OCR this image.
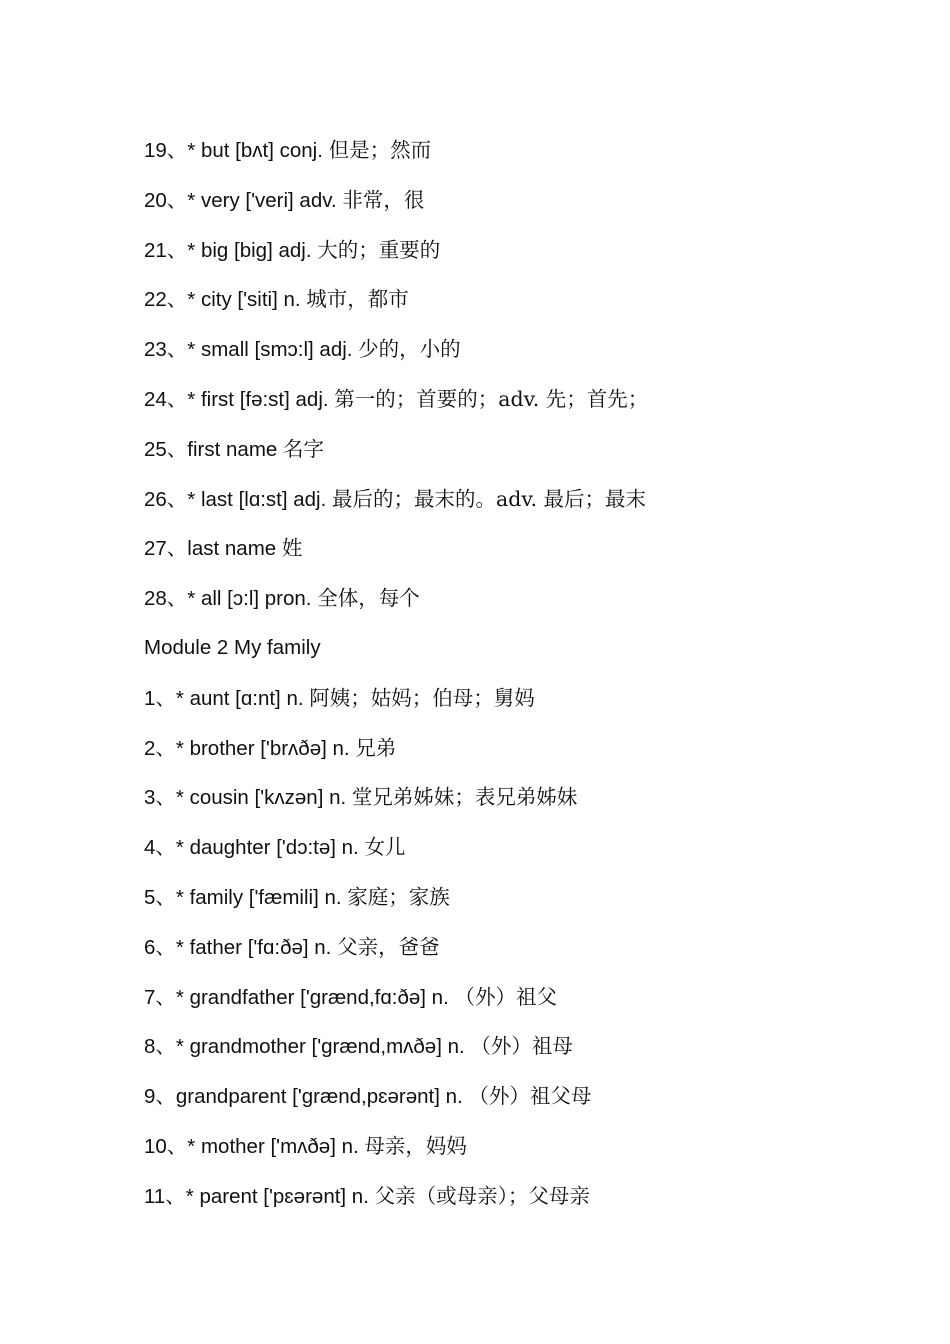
19、* but [bʌt] conj. 但是；然而
20、* very ['veri] adv. 非常，很
21、* big [big] adj. 大的；重要的
22、* city ['siti] n. 城市，都市
23、* small [smɔ:l] adj. 少的，小的
24、* first [fə:st] adj. 第一的；首要的；adv. 先；首先；
25、first name 名字
26、* last [lɑ:st] adj. 最后的；最末的。adv. 最后；最末
27、last name 姓
28、* all [ɔ:l] pron. 全体，每个
Module 2 My family
1、* aunt [ɑ:nt] n. 阿姨；姑妈；伯母；舅妈
2、* brother ['brʌðə] n. 兄弟
3、* cousin ['kʌzən] n. 堂兄弟姊妹；表兄弟姊妹
4、* daughter ['dɔ:tə] n. 女儿
5、* family ['fæmili] n. 家庭；家族
6、* father ['fɑ:ðə] n. 父亲，爸爸
7、* grandfather ['grænd,fɑ:ðə] n. （外）祖父
8、* grandmother ['grænd,mʌðə] n. （外）祖母
9、grandparent ['grænd,pɛərənt] n. （外）祖父母
10、* mother ['mʌðə] n. 母亲，妈妈
11、* parent ['pɛərənt] n. 父亲（或母亲）；父母亲
